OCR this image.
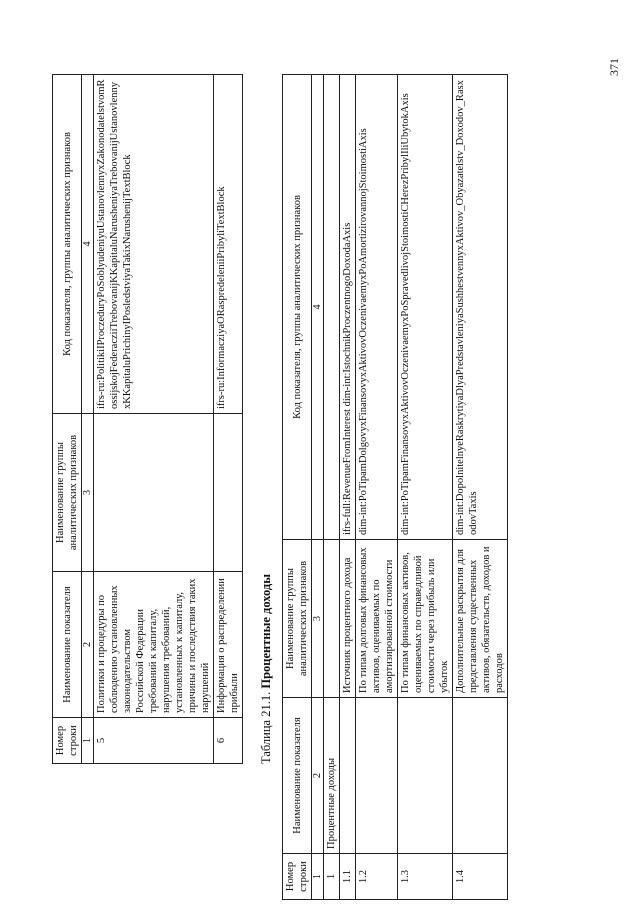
371
Номер строки	Наименование показателя	Наименование группы аналитических признаков	Код показателя, группы аналитических признаков
1	2	3	4
5	Политики и процедуры по соблюдению установленных законодательством Российской Федерации требований к капиталу, нарушения требований, установленных к капиталу, причины и последствия таких нарушений		ifrs-ru:PolitikiIProczeduryPoSoblyudeniyuUstanovlennyxZakonodatelstvomRossijskojFederacziiTrebovanijKKapitaluNarusheniyaTrebovanijUstanovlennyxKKapitaluPrichinyIPosledstviyaTakixNarushenijTextBlock
6	Информация о распределении прибыли		ifrs-ru:InformacziyaORaspredeleniiPribyliTextBlock
Таблица 21.1. Процентные доходы
Номер строки	Наименование показателя	Наименование группы аналитических признаков	Код показателя, группы аналитических признаков
1	2	3	4
1	Процентные доходы		
1.1		Источник процентного дохода	ifrs-full:RevenueFromInterest dim-int:IstochnikProczentnogoDoxodaAxis
1.2		По типам долговых финансовых активов, оцениваемых по амортизированной стоимости	dim-int:PoTipamDolgovyxFinansovyxAktivovOczenivaemyxPoAmortizirovannojStoimostiAxis
1.3		По типам финансовых активов, оцениваемых по справедливой стоимости через прибыль или убыток	dim-int:PoTipamFinansovyxAktivovOczenivaemyxPoSpravedlivojStoimostiCHerezPribylIliUbytokAxis
1.4		Дополнительные раскрытия для представления существенных активов, обязательств, доходов и расходов	dim-int:DopolnitelnyeRaskrytiyaDlyaPredstavleniyaSushhestvennyxAktivov_Obyazatelstv_Doxodov_RasxodovTaxis
